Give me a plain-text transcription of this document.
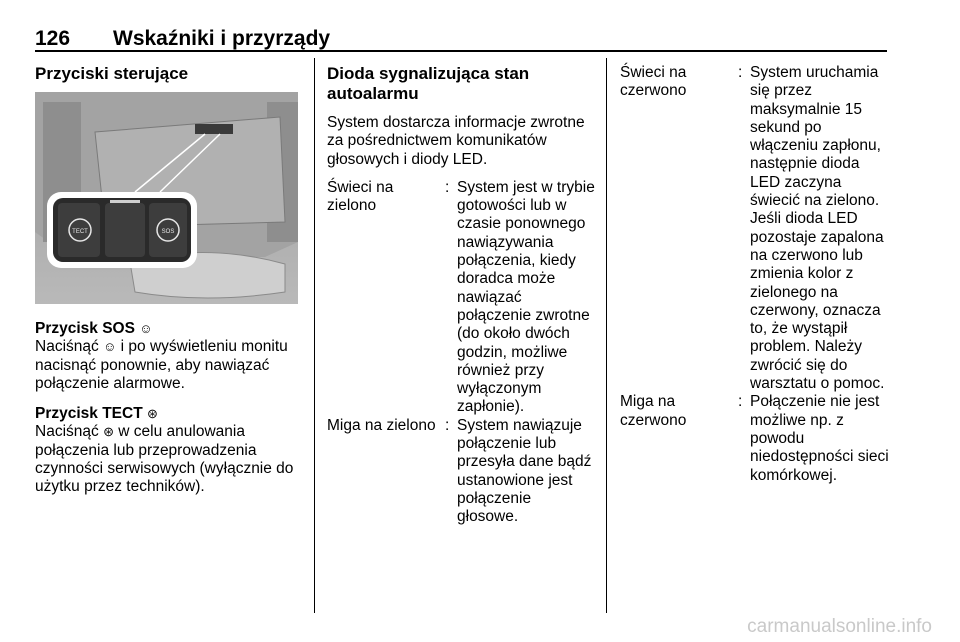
126 Wskaźniki i przyrządy
Przyciski sterujące
TECT	SOS
Przycisk SOS ☺
Naciśnąć ☺ i po wyświetleniu monitu nacisnąć ponownie, aby nawiązać połączenie alarmowe.
Przycisk TECT ⊛
Naciśnąć ⊛ w celu anulowania połączenia lub przeprowadzenia czynności serwisowych (wyłącznie do użytku przez techników).
Dioda sygnalizująca stan autoalarmu
System dostarcza informacje zwrotne za pośrednictwem komunikatów głosowych i diody LED.
Świeci na zielono
: System jest w trybie gotowości lub w czasie ponownego nawiązywania połączenia, kiedy doradca może nawiązać połączenie zwrotne (do około dwóch godzin, możliwe również przy wyłączonym zapłonie).
Miga na zielono : System nawiązuje połączenie lub przesyła dane bądź ustanowione jest połączenie głosowe.
Świeci na czerwono
: System uruchamia się przez maksymalnie 15 sekund po włączeniu zapłonu, następnie dioda LED zaczyna świecić na zielono. Jeśli dioda LED pozostaje zapalona na czerwono lub zmienia kolor z zielonego na czerwony, oznacza to, że wystąpił problem. Należy zwrócić się do warsztatu o pomoc.
Miga na czerwono
: Połączenie nie jest możliwe np. z powodu niedostępności sieci komórkowej.
carmanualsonline.info
